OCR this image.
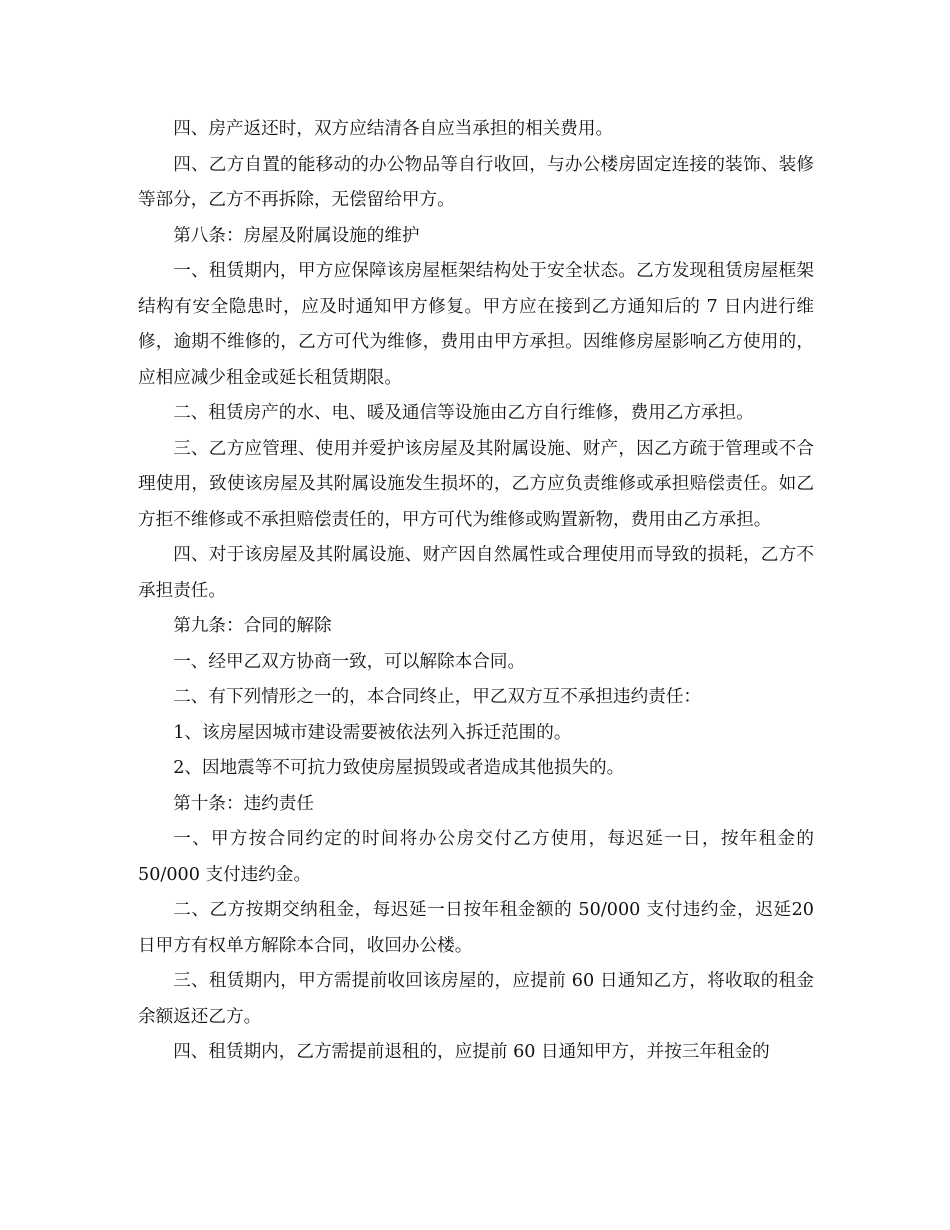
四、房产返还时，双方应结清各自应当承担的相关费用。

四、乙方自置的能移动的办公物品等自行收回，与办公楼房固定连接的装饰、装修等部分，乙方不再拆除，无偿留给甲方。

第八条：房屋及附属设施的维护

一、租赁期内，甲方应保障该房屋框架结构处于安全状态。乙方发现租赁房屋框架结构有安全隐患时，应及时通知甲方修复。甲方应在接到乙方通知后的 7 日内进行维修，逾期不维修的，乙方可代为维修，费用由甲方承担。因维修房屋影响乙方使用的，应相应减少租金或延长租赁期限。

二、租赁房产的水、电、暖及通信等设施由乙方自行维修，费用乙方承担。

三、乙方应管理、使用并爱护该房屋及其附属设施、财产，因乙方疏于管理或不合理使用，致使该房屋及其附属设施发生损坏的，乙方应负责维修或承担赔偿责任。如乙方拒不维修或不承担赔偿责任的，甲方可代为维修或购置新物，费用由乙方承担。

四、对于该房屋及其附属设施、财产因自然属性或合理使用而导致的损耗，乙方不承担责任。

第九条：合同的解除

一、经甲乙双方协商一致，可以解除本合同。

二、有下列情形之一的，本合同终止，甲乙双方互不承担违约责任：

1、该房屋因城市建设需要被依法列入拆迁范围的。

2、因地震等不可抗力致使房屋损毁或者造成其他损失的。

第十条：违约责任

一、甲方按合同约定的时间将办公房交付乙方使用，每迟延一日，按年租金的50/000 支付违约金。

二、乙方按期交纳租金，每迟延一日按年租金额的 50/000 支付违约金，迟延20 日甲方有权单方解除本合同，收回办公楼。

三、租赁期内，甲方需提前收回该房屋的，应提前 60 日通知乙方，将收取的租金余额返还乙方。

四、租赁期内，乙方需提前退租的，应提前 60 日通知甲方，并按三年租金的
